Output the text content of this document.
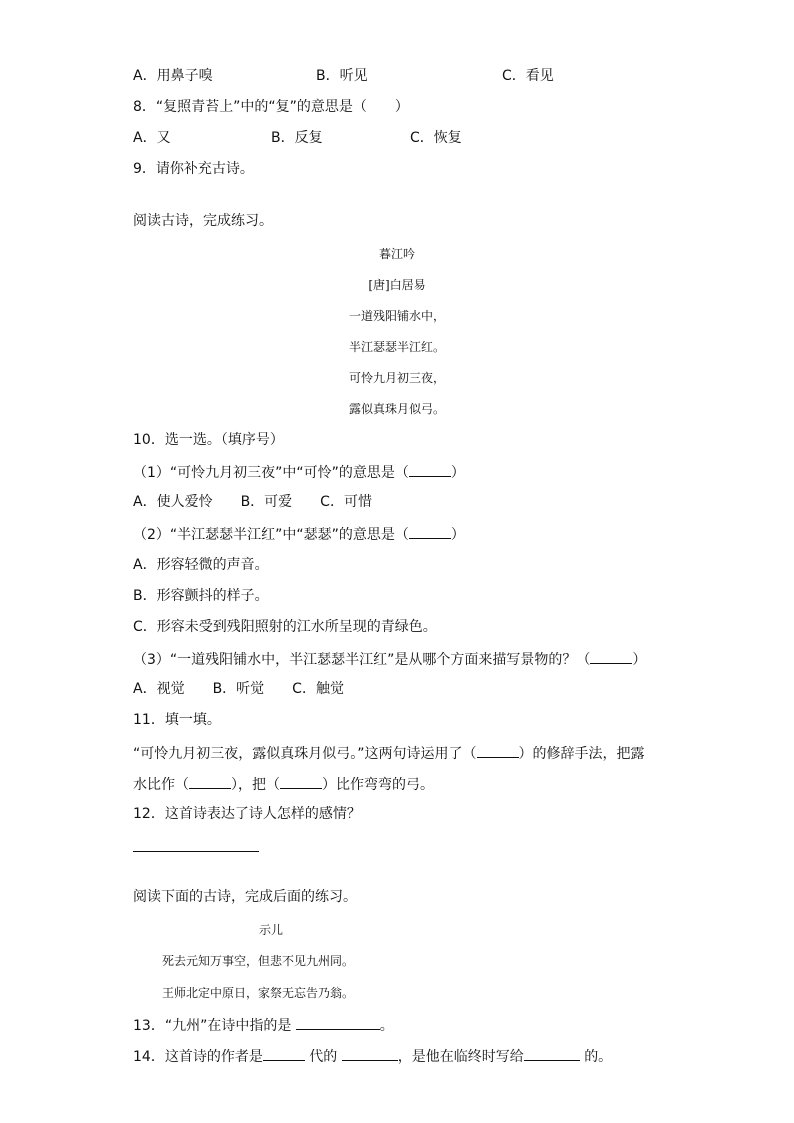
A．用鼻子嗅	B．听见	C．看见
8．“复照青苔上”中的“复”的意思是（　　）
A．又	B．反复	C．恢复
9．请你补充古诗。
阅读古诗，完成练习。
暮江吟
[唐]白居易
一道残阳铺水中，
半江瑟瑟半江红。
可怜九月初三夜，
露似真珠月似弓。
10．选一选。（填序号）
（1）“可怜九月初三夜”中“可怜”的意思是（	）
A．使人爱怜　　B．可爱　　C．可惜
（2）“半江瑟瑟半江红”中“瑟瑟”的意思是（	）
A．形容轻微的声音。
B．形容颤抖的样子。
C．形容未受到残阳照射的江水所呈现的青绿色。
（3）“一道残阳铺水中，半江瑟瑟半江红”是从哪个方面来描写景物的？（	）
A．视觉　　B．听觉　　C．触觉
11．填一填。
“可怜九月初三夜，露似真珠月似弓。”这两句诗运用了（	）的修辞手法，把露
水比作（	），把（	）比作弯弯的弓。
12．这首诗表达了诗人怎样的感情？
阅读下面的古诗，完成后面的练习。
示儿
死去元知万事空，但悲不见九州同。
王师北定中原日，家祭无忘告乃翁。
13．“九州”在诗中指的是	。
14．这首诗的作者是	代的	，是他在临终时写给	的。
